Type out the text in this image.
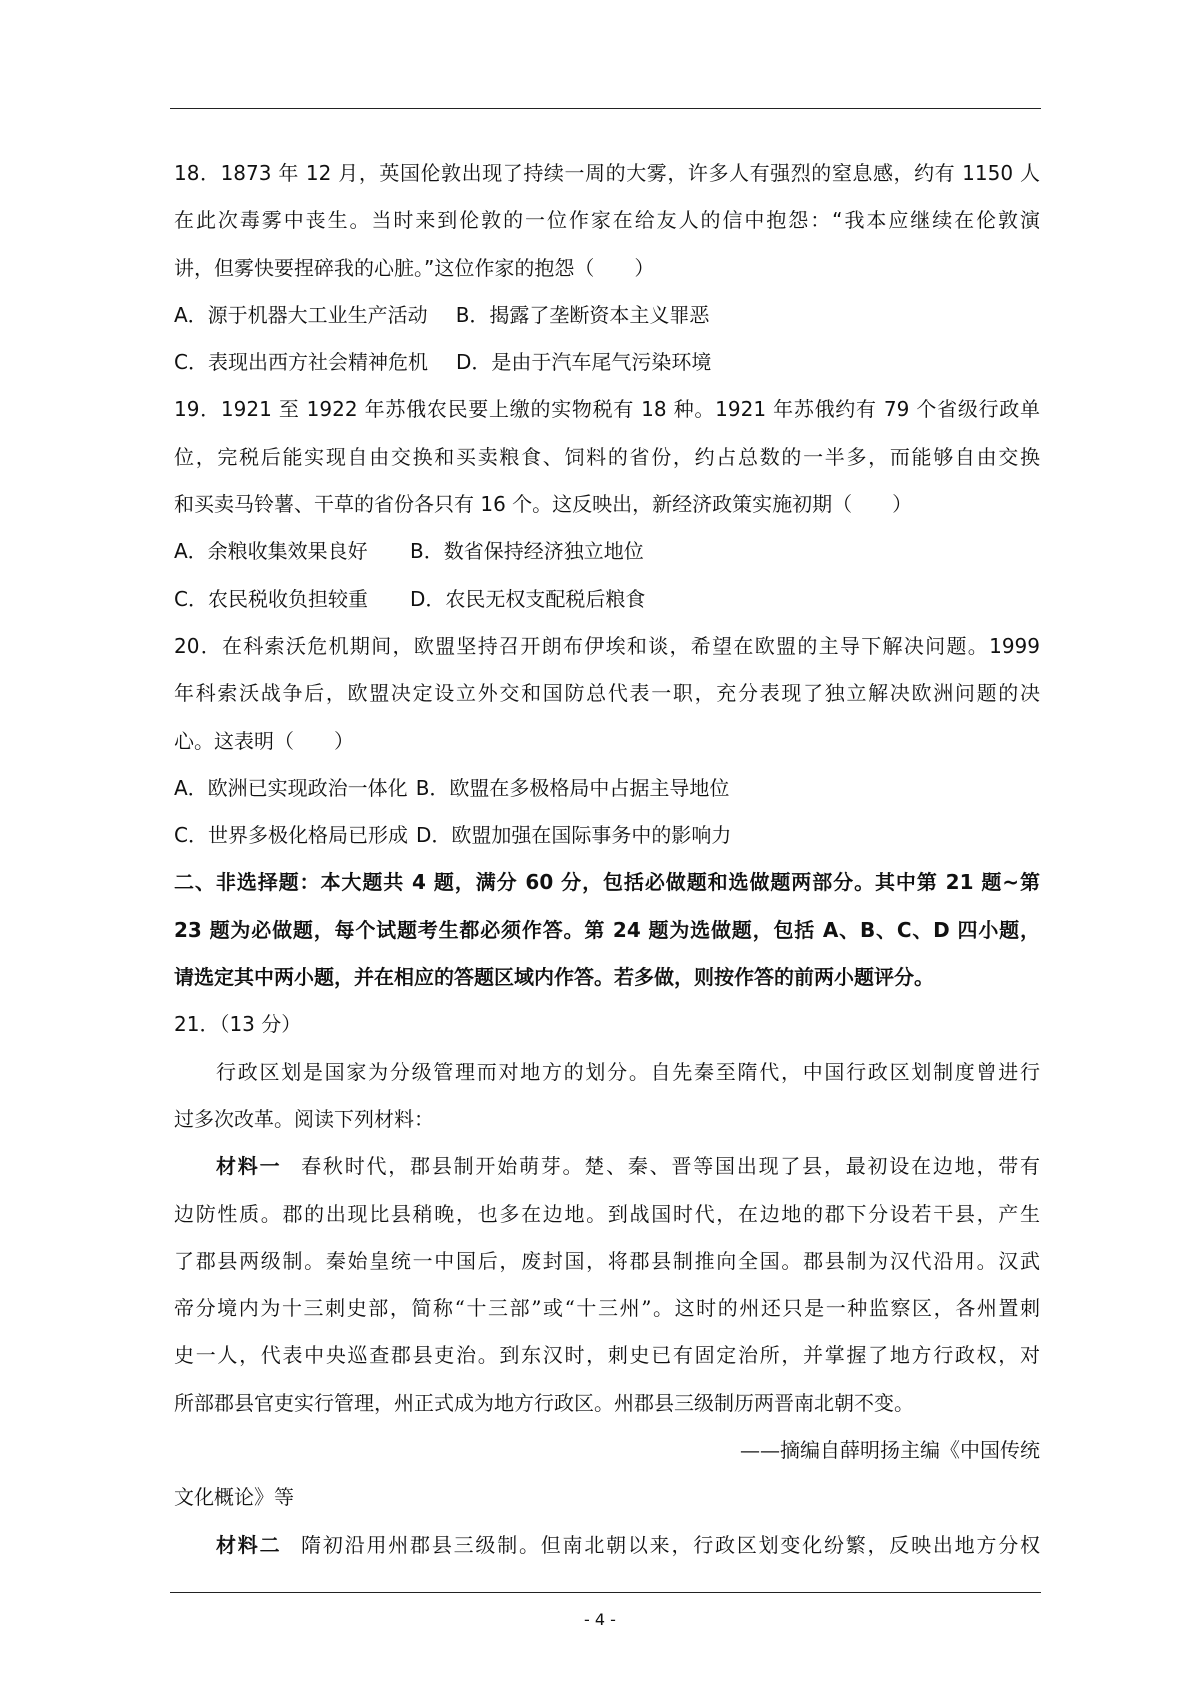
18．1873 年 12 月，英国伦敦出现了持续一周的大雾，许多人有强烈的窒息感，约有 1150 人
在此次毒雾中丧生。当时来到伦敦的一位作家在给友人的信中抱怨：“我本应继续在伦敦演
讲，但雾快要捏碎我的心脏。”这位作家的抱怨（　　）
A．源于机器大工业生产活动 B．揭露了垄断资本主义罪恶
C．表现出西方社会精神危机 D．是由于汽车尾气污染环境
19．1921 至 1922 年苏俄农民要上缴的实物税有 18 种。1921 年苏俄约有 79 个省级行政单
位，完税后能实现自由交换和买卖粮食、饲料的省份，约占总数的一半多，而能够自由交换
和买卖马铃薯、干草的省份各只有 16 个。这反映出，新经济政策实施初期（　　）
A．余粮收集效果良好 B．数省保持经济独立地位
C．农民税收负担较重 D．农民无权支配税后粮食
20．在科索沃危机期间，欧盟坚持召开朗布伊埃和谈，希望在欧盟的主导下解决问题。1999
年科索沃战争后，欧盟决定设立外交和国防总代表一职，充分表现了独立解决欧洲问题的决
心。这表明（　　）
A．欧洲已实现政治一体化 B．欧盟在多极格局中占据主导地位
C．世界多极化格局已形成 D．欧盟加强在国际事务中的影响力
二、非选择题：本大题共 4 题，满分 60 分，包括必做题和选做题两部分。其中第 21 题~第
23 题为必做题，每个试题考生都必须作答。第 24 题为选做题，包括 A、B、C、D 四小题，
请选定其中两小题，并在相应的答题区域内作答。若多做，则按作答的前两小题评分。
21．（13 分）
行政区划是国家为分级管理而对地方的划分。自先秦至隋代，中国行政区划制度曾进行
过多次改革。阅读下列材料：
材料一 春秋时代，郡县制开始萌芽。楚、秦、晋等国出现了县，最初设在边地，带有
边防性质。郡的出现比县稍晚，也多在边地。到战国时代，在边地的郡下分设若干县，产生
了郡县两级制。秦始皇统一中国后，废封国，将郡县制推向全国。郡县制为汉代沿用。汉武
帝分境内为十三刺史部，简称“十三部”或“十三州”。这时的州还只是一种监察区，各州置刺
史一人，代表中央巡查郡县吏治。到东汉时，刺史已有固定治所，并掌握了地方行政权，对
所部郡县官吏实行管理，州正式成为地方行政区。州郡县三级制历两晋南北朝不变。
——摘编自薛明扬主编《中国传统
文化概论》等
材料二 隋初沿用州郡县三级制。但南北朝以来，行政区划变化纷繁，反映出地方分权
- 4 -
